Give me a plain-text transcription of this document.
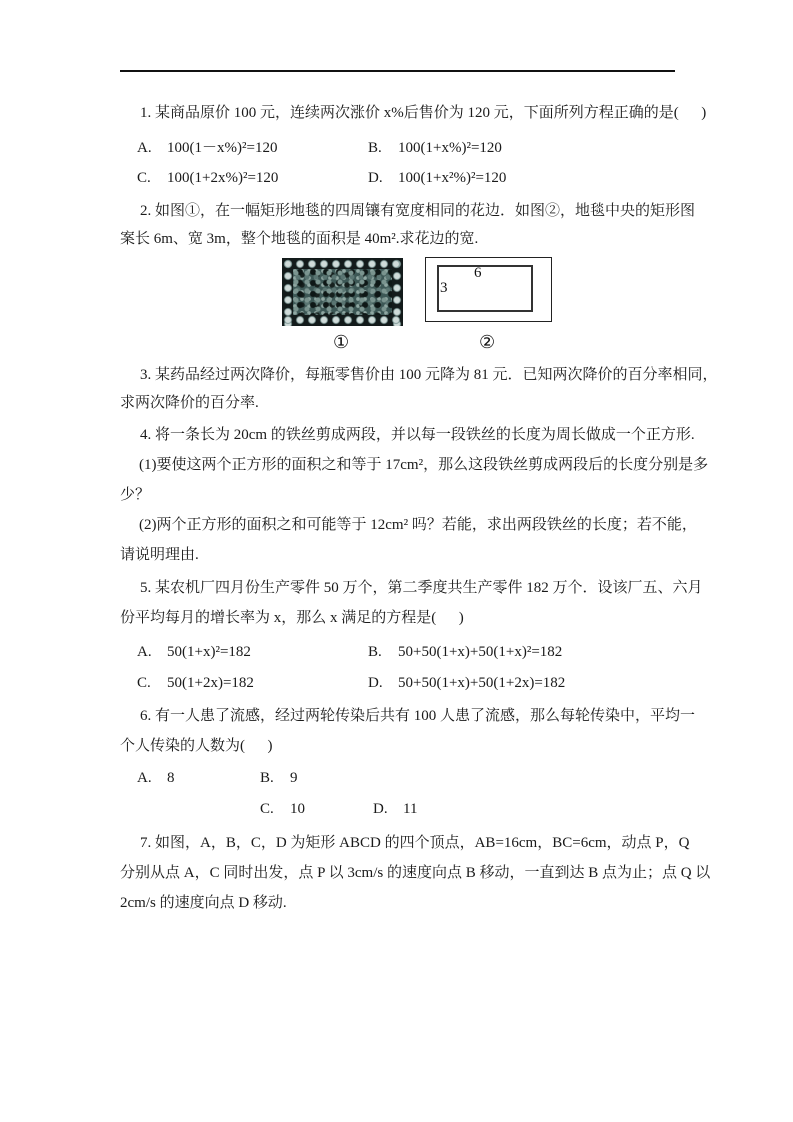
1. 某商品原价 100 元，连续两次涨价 x%后售价为 120 元，下面所列方程正确的是(      )
A. 100(1－x%)²=120	B. 100(1+x%)²=120
C. 100(1+2x%)²=120	D. 100(1+x²%)²=120
2. 如图①，在一幅矩形地毯的四周镶有宽度相同的花边．如图②，地毯中央的矩形图
案长 6m、宽 3m，整个地毯的面积是 40m².求花边的宽.
①
6
3
②
3. 某药品经过两次降价，每瓶零售价由 100 元降为 81 元．已知两次降价的百分率相同，
求两次降价的百分率.
4. 将一条长为 20cm 的铁丝剪成两段，并以每一段铁丝的长度为周长做成一个正方形.
(1)要使这两个正方形的面积之和等于 17cm²，那么这段铁丝剪成两段后的长度分别是多
少？
(2)两个正方形的面积之和可能等于 12cm² 吗？若能，求出两段铁丝的长度；若不能，
请说明理由.
5. 某农机厂四月份生产零件 50 万个，第二季度共生产零件 182 万个．设该厂五、六月
份平均每月的增长率为 x，那么 x 满足的方程是(      )
A. 50(1+x)²=182	B. 50+50(1+x)+50(1+x)²=182
C. 50(1+2x)=182	D. 50+50(1+x)+50(1+2x)=182
6. 有一人患了流感，经过两轮传染后共有 100 人患了流感，那么每轮传染中，平均一
个人传染的人数为(      )
A. 8	B. 9
C. 10	D. 11
7. 如图，A，B，C，D 为矩形 ABCD 的四个顶点，AB=16cm，BC=6cm，动点 P，Q
分别从点 A，C 同时出发，点 P 以 3cm/s 的速度向点 B 移动，一直到达 B 点为止；点 Q 以
2cm/s 的速度向点 D 移动.
